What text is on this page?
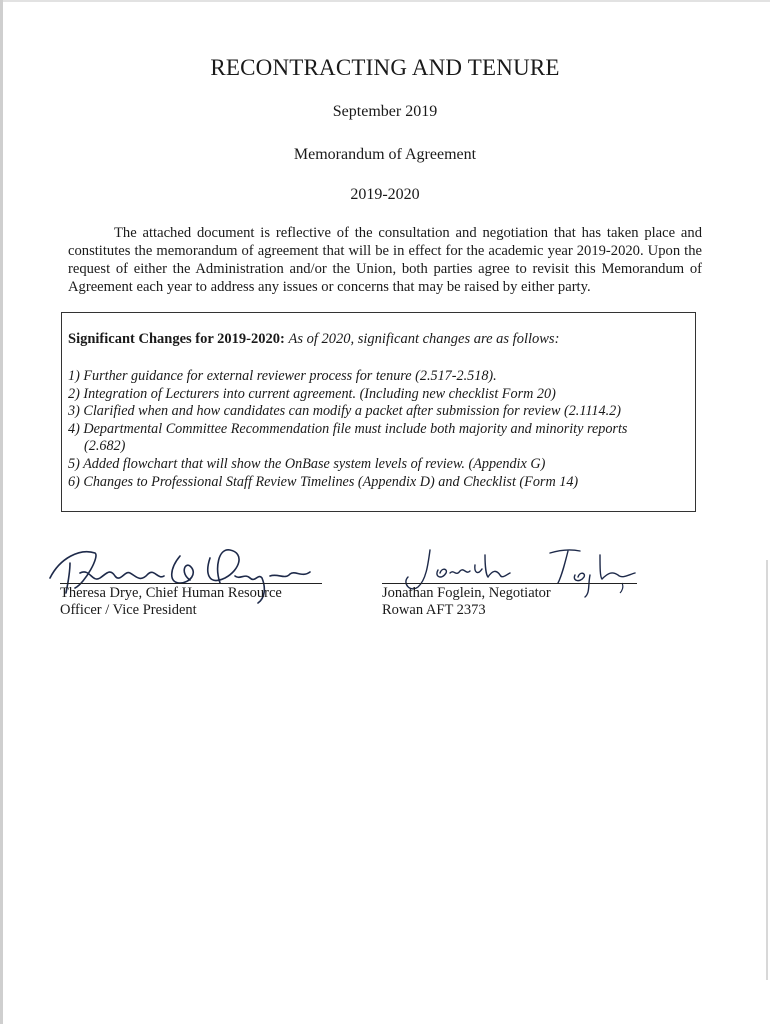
RECONTRACTING AND TENURE
September 2019
Memorandum of Agreement
2019-2020
The attached document is reflective of the consultation and negotiation that has taken place and constitutes the memorandum of agreement that will be in effect for the academic year 2019-2020. Upon the request of either the Administration and/or the Union, both parties agree to revisit this Memorandum of Agreement each year to address any issues or concerns that may be raised by either party.
Significant Changes for 2019-2020: As of 2020, significant changes are as follows:
1) Further guidance for external reviewer process for tenure (2.517-2.518).
2) Integration of Lecturers into current agreement. (Including new checklist Form 20)
3) Clarified when and how candidates can modify a packet after submission for review (2.1114.2)
4) Departmental Committee Recommendation file must include both majority and minority reports
(2.682)
5) Added flowchart that will show the OnBase system levels of review. (Appendix G)
6) Changes to Professional Staff Review Timelines (Appendix D) and Checklist (Form 14)
Theresa Drye, Chief Human Resource
Officer / Vice President
Jonathan Foglein, Negotiator
Rowan AFT 2373
